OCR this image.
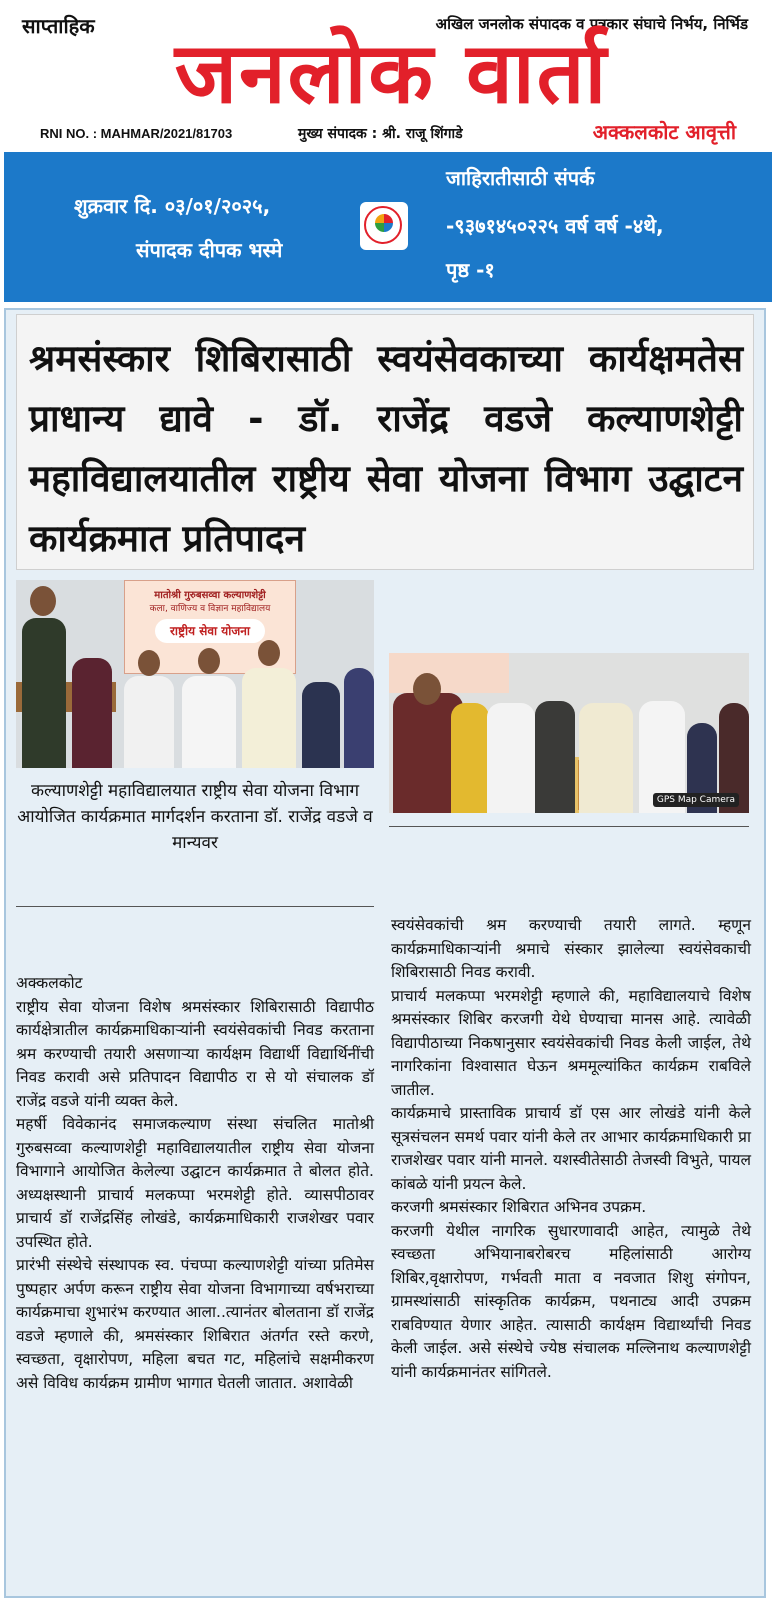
साप्ताहिक	अखिल जनलोक संपादक व पत्रकार संघाचे निर्भय, निर्भिड
जनलोक वार्ता
RNI NO. : MAHMAR/2021/81703	मुख्य संपादक : श्री. राजू शिंगाडे	अक्कलकोट आवृत्ती
शुक्रवार दि. ०३/०१/२०२५,
संपादक दीपक भस्मे
जाहिरातीसाठी संपर्क
-९३७१४५०२२५ वर्ष वर्ष -४थे,
पृष्ठ -१
श्रमसंस्कार शिबिरासाठी स्वयंसेवकाच्या कार्यक्षमतेस प्राधान्य द्यावे - डॉ. राजेंद्र वडजे कल्याणशेट्टी महाविद्यालयातील राष्ट्रीय सेवा योजना विभाग उद्घाटन कार्यक्रमात प्रतिपादन
मातोश्री गुरुबसव्वा कल्याणशेट्टी
कला, वाणिज्य व विज्ञान महाविद्यालय
राष्ट्रीय सेवा योजना
GPS Map Camera
कल्याणशेट्टी महाविद्यालयात राष्ट्रीय सेवा योजना विभाग आयोजित कार्यक्रमात मार्गदर्शन करताना डॉ. राजेंद्र वडजे व मान्यवर

अक्कलकोट

राष्ट्रीय सेवा योजना विशेष श्रमसंस्कार शिबिरासाठी विद्यापीठ कार्यक्षेत्रातील कार्यक्रमाधिकाऱ्यांनी स्वयंसेवकांची निवड करताना श्रम करण्याची तयारी असणाऱ्या कार्यक्षम विद्यार्थी विद्यार्थिनींची निवड करावी असे प्रतिपादन विद्यापीठ रा से यो संचालक डॉ राजेंद्र वडजे यांनी व्यक्त केले.

महर्षी विवेकानंद समाजकल्याण संस्था संचलित मातोश्री गुरुबसव्वा कल्याणशेट्टी महाविद्यालयातील राष्ट्रीय सेवा योजना विभागाने आयोजित केलेल्या उद्घाटन कार्यक्रमात ते बोलत होते. अध्यक्षस्थानी प्राचार्य मलकप्पा भरमशेट्टी होते. व्यासपीठावर प्राचार्य डॉ राजेंद्रसिंह लोखंडे, कार्यक्रमाधिकारी राजशेखर पवार उपस्थित होते.

प्रारंभी संस्थेचे संस्थापक स्व. पंचप्पा कल्याणशेट्टी यांच्या प्रतिमेस पुष्पहार अर्पण करून राष्ट्रीय सेवा योजना विभागाच्या वर्षभराच्या कार्यक्रमाचा शुभारंभ करण्यात आला..त्यानंतर बोलताना डॉ राजेंद्र वडजे म्हणाले की, श्रमसंस्कार शिबिरात अंतर्गत रस्ते करणे, स्वच्छता, वृक्षारोपण, महिला बचत गट, महिलांचे सक्षमीकरण असे विविध कार्यक्रम ग्रामीण भागात घेतली जातात. अशावेळी

स्वयंसेवकांची श्रम करण्याची तयारी लागते. म्हणून कार्यक्रमाधिकाऱ्यांनी श्रमाचे संस्कार झालेल्या स्वयंसेवकाची शिबिरासाठी निवड करावी.

प्राचार्य मलकप्पा भरमशेट्टी म्हणाले की, महाविद्यालयाचे विशेष श्रमसंस्कार शिबिर करजगी येथे घेण्याचा मानस आहे. त्यावेळी विद्यापीठाच्या निकषानुसार स्वयंसेवकांची निवड केली जाईल, तेथे नागरिकांना विश्वासात घेऊन श्रममूल्यांकित कार्यक्रम राबविले जातील.

कार्यक्रमाचे प्रास्ताविक प्राचार्य डॉ एस आर लोखंडे यांनी केले सूत्रसंचलन समर्थ पवार यांनी केले तर आभार कार्यक्रमाधिकारी प्रा राजशेखर पवार यांनी मानले. यशस्वीतेसाठी तेजस्वी विभुते, पायल कांबळे यांनी प्रयत्न केले.

करजगी श्रमसंस्कार शिबिरात अभिनव उपक्रम.

करजगी येथील नागरिक सुधारणावादी आहेत, त्यामुळे तेथे स्वच्छता अभियानाबरोबरच महिलांसाठी आरोग्य शिबिर,वृक्षारोपण, गर्भवती माता व नवजात शिशु संगोपन, ग्रामस्थांसाठी सांस्कृतिक कार्यक्रम, पथनाट्य आदी उपक्रम राबविण्यात येणार आहेत. त्यासाठी कार्यक्षम विद्यार्थ्यांची निवड केली जाईल. असे संस्थेचे ज्येष्ठ संचालक मल्लिनाथ कल्याणशेट्टी यांनी कार्यक्रमानंतर सांगितले.
